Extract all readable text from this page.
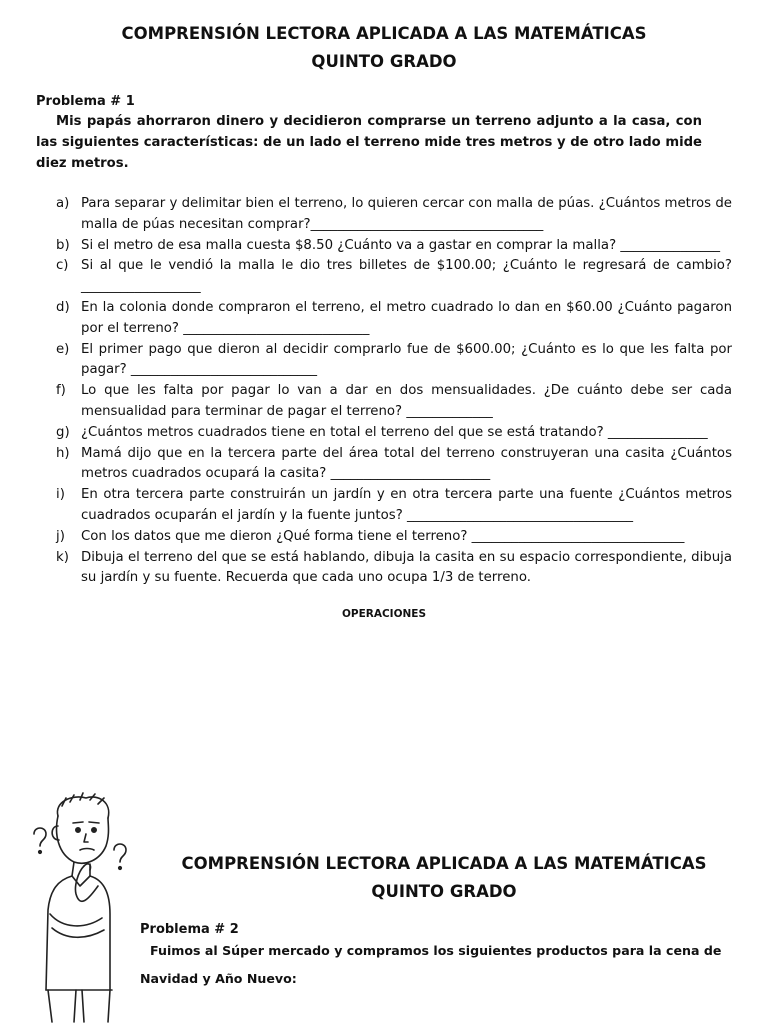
COMPRENSIÓN LECTORA APLICADA A LAS MATEMÁTICAS
QUINTO GRADO
Problema # 1
Mis papás ahorraron dinero y decidieron comprarse un terreno adjunto a la casa, con las siguientes características: de un lado el terreno mide tres metros y de otro lado mide diez metros.
a) Para separar y delimitar bien el terreno, lo quieren cercar con malla de púas. ¿Cuántos metros de malla de púas necesitan comprar?___________________________________
b) Si el metro de esa malla cuesta $8.50 ¿Cuánto va a gastar en comprar la malla? _______________
c) Si al que le vendió la malla le dio tres billetes de $100.00; ¿Cuánto le regresará de cambio? __________________
d) En la colonia donde compraron el terreno, el metro cuadrado lo dan en $60.00 ¿Cuánto pagaron por el terreno? ____________________________
e) El primer pago que dieron al decidir comprarlo fue de $600.00; ¿Cuánto es lo que les falta por pagar? ____________________________
f) Lo que les falta por pagar lo van a dar en dos mensualidades. ¿De cuánto debe ser cada mensualidad para terminar de pagar el terreno? _____________
g) ¿Cuántos metros cuadrados tiene en total el terreno del que se está tratando? _______________
h) Mamá dijo que en la tercera parte del área total del terreno construyeran una casita ¿Cuántos metros cuadrados ocupará la casita? ________________________
i) En otra tercera parte construirán un jardín y en otra tercera parte una fuente ¿Cuántos metros cuadrados ocuparán el jardín y la fuente juntos? __________________________________
j) Con los datos que me dieron ¿Qué forma tiene el terreno? ________________________________
k) Dibuja el terreno del que se está hablando, dibuja la casita en su espacio correspondiente, dibuja su jardín y su fuente. Recuerda que cada uno ocupa 1/3 de terreno.
OPERACIONES
COMPRENSIÓN LECTORA APLICADA A LAS MATEMÁTICAS
QUINTO GRADO
Problema # 2
Fuimos al Súper mercado y compramos los siguientes productos para la cena de Navidad y Año Nuevo:
